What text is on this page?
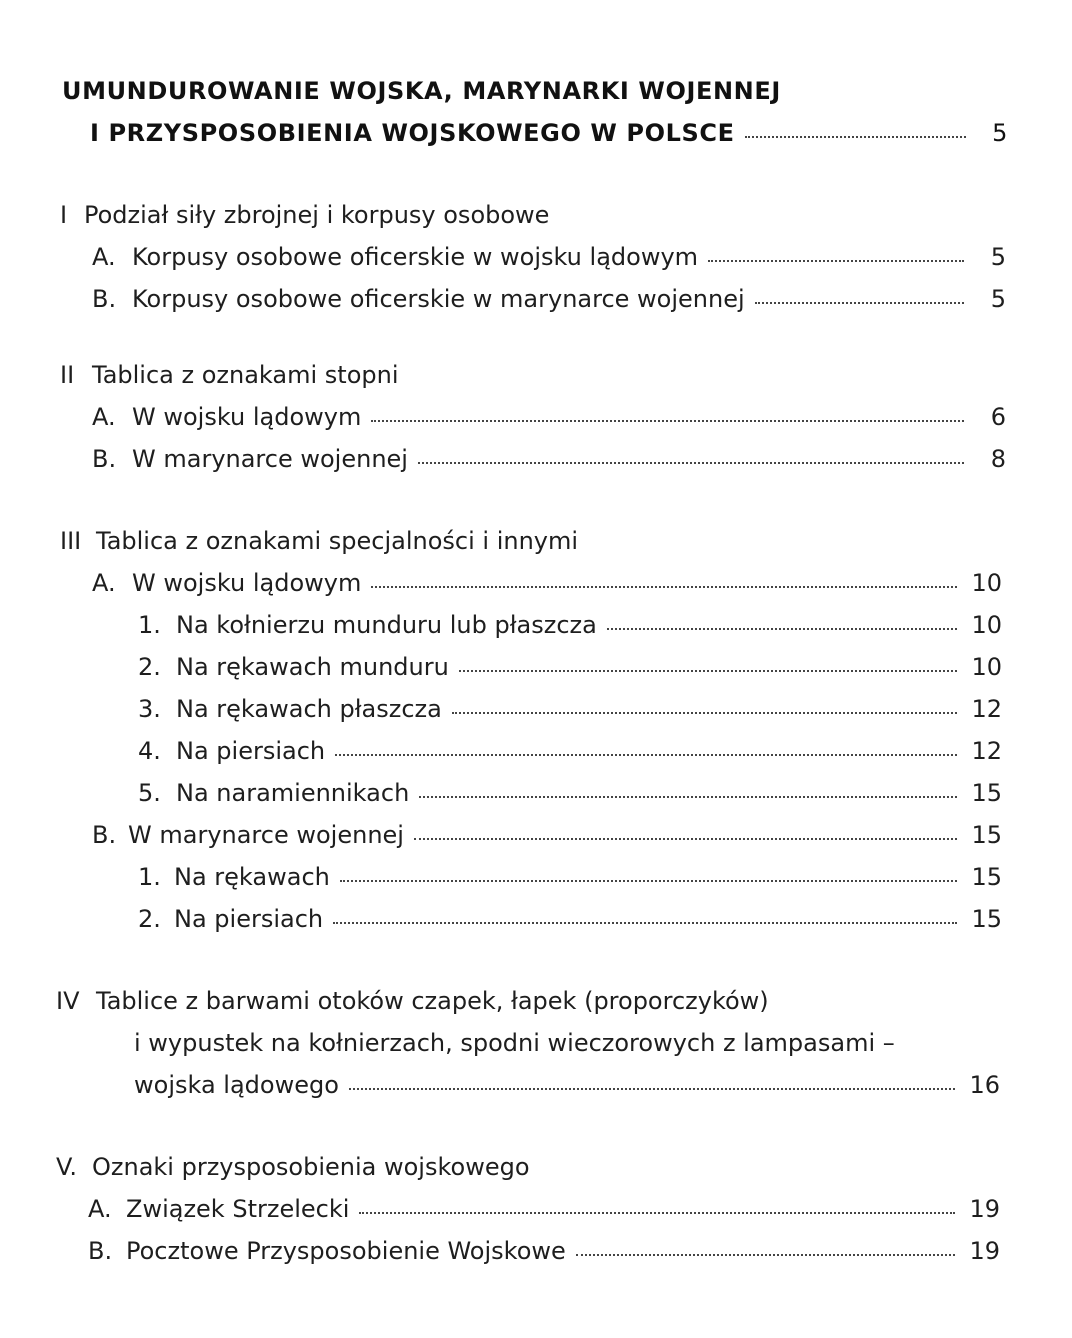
UMUNDUROWANIE WOJSKA, MARYNARKI WOJENNEJ
I PRZYSPOSOBIENIA WOJSKOWEGO W POLSCE	5
I Podział siły zbrojnej i korpusy osobowe
A. Korpusy osobowe oficerskie w wojsku lądowym	5
B. Korpusy osobowe oficerskie w marynarce wojennej	5
II Tablica z oznakami stopni
A. W wojsku lądowym	6
B. W marynarce wojennej	8
III Tablica z oznakami specjalności i innymi
A. W wojsku lądowym	10
1. Na kołnierzu munduru lub płaszcza	10
2. Na rękawach munduru	10
3. Na rękawach płaszcza	12
4. Na piersiach	12
5. Na naramiennikach	15
B. W marynarce wojennej	15
1. Na rękawach	15
2. Na piersiach	15
IV Tablice z barwami otoków czapek, łapek (proporczyków)
i wypustek na kołnierzach, spodni wieczorowych z lampasami –
wojska lądowego	16
V. Oznaki przysposobienia wojskowego
A. Związek Strzelecki	19
B. Pocztowe Przysposobienie Wojskowe	19
